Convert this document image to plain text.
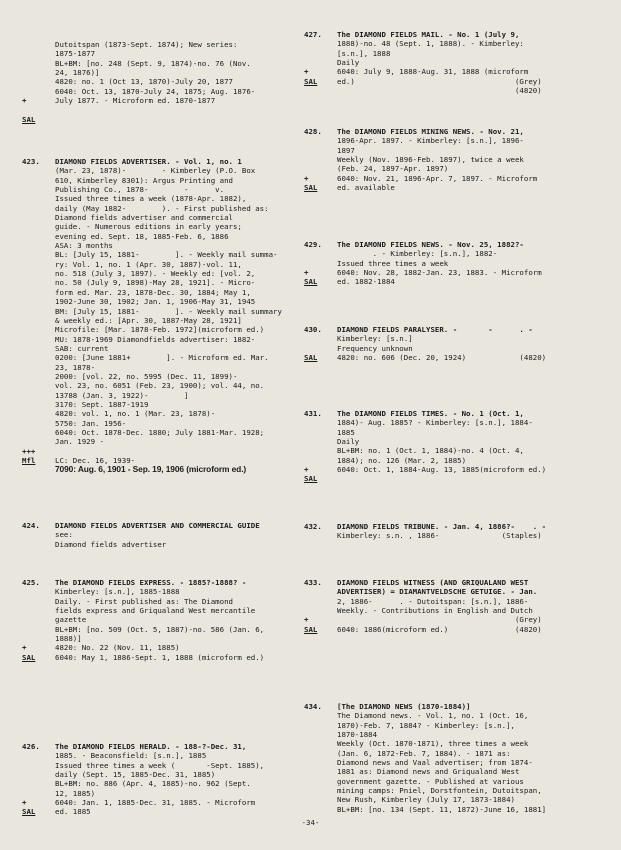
Dutoitspan (1873-Sept. 1874); New series:
1875-1877
BL+BM: [no. 248 (Sept. 9, 1874)-no. 76 (Nov.
24, 1876)]
4820: no. 1 (Oct 13, 1870)-July 20, 1877
6040: Oct. 13, 1870-July 24, 1875; Aug. 1876-
July 1877. - Microform ed. 1870-1877
+
SAL
423. DIAMOND FIELDS ADVERTISER. - Vol. 1, no. 1
(Mar. 23, 1878)-        - Kimberley (P.O. Box
610, Kimberley 8301): Argus Printing and
Publishing Co., 1878-        -      v.
Issued three times a week (1878-Apr. 1882),
daily (May 1882-        ). - First published as:
Diamond fields advertiser and commercial
guide. - Numerous editions in early years;
evening ed. Sept. 18, 1885-Feb. 6, 1886
ASA: 3 months
BL: [July 15, 1881-        ]. - Weekly mail summa-
ry: Vol. 1, no. 1 (Apr. 30, 1887)-vol. 11,
no. 518 (July 3, 1897). - Weekly ed: [vol. 2,
no. 50 (July 9, 1898)-May 28, 1921]. - Micro-
form ed. Mar. 23, 1878-Dec. 30, 1884; May 1,
1902-June 30, 1902; Jan. 1, 1906-May 31, 1945
BM: [July 15, 1881-        ]. - Weekly mail summary
& weekly ed.: [Apr. 30, 1887-May 28, 1921]
Microfile: [Mar. 1878-Feb. 1972](microform ed.)
MU: 1878-1969 Diamondfields advertiser: 1882-
SAB: current
0200: [June 1881+        ]. - Microform ed. Mar.
23, 1878-
2000: [vol. 22, no. 5995 (Dec. 11, 1899)-
vol. 23, no. 6051 (Feb. 23, 1900); vol. 44, no.
13788 (Jan. 3, 1922)-        ]
3170: Sept. 1887-1919
4820: vol. 1, no. 1 (Mar. 23, 1878)-
5750: Jan. 1956-
6040: Oct. 1878-Dec. 1880; July 1881-Mar. 1928;
Jan. 1929 -
LC: Dec. 16, 1939-
7090: Aug. 6, 1901 - Sep. 19, 1906 (microform ed.)
+++
Mfl
424. DIAMOND FIELDS ADVERTISER AND COMMERCIAL GUIDE
see:
Diamond fields advertiser
425. The DIAMOND FIELDS EXPRESS. - 1885?-1888? -
Kimberley: [s.n.], 1885-1888
Daily. - First published as: The Diamond
fields express and Griqualand West mercantile
gazette
BL+BM: [no. 509 (Oct. 5, 1887)-no. 586 (Jan. 6,
1888)]
4820: No. 22 (Nov. 11, 1885)
6040: May 1, 1886-Sept. 1, 1888 (microform ed.)
+
SAL
426. The DIAMOND FIELDS HERALD. - 188-?-Dec. 31,
1885. - Beaconsfield: [s.n.], 1885
Issued three times a week (       -Sept. 1885),
daily (Sept. 15, 1885-Dec. 31, 1885)
BL+BM: no. 886 (Apr. 4, 1885)-no. 962 (Sept.
12, 1885)
6040: Jan. 1, 1885-Dec. 31, 1885. - Microform
ed. 1885
+
SAL
427. The DIAMOND FIELDS MAIL. - No. 1 (July 9,
1888)-no. 48 (Sept. 1, 1888). - Kimberley:
[s.n.], 1888
Daily
6040: July 9, 1888-Aug. 31, 1888 (microform
ed.)                                    (Grey)
(4820)
+
SAL
428. The DIAMOND FIELDS MINING NEWS. - Nov. 21,
1896-Apr. 1897. - Kimberley: [s.n.], 1896-
1897
Weekly (Nov. 1896-Feb. 1897), twice a week
(Feb. 24, 1897-Apr. 1897)
6040: Nov. 21, 1896-Apr. 7, 1897. - Microform
ed. available
+
SAL
429. The DIAMOND FIELDS NEWS. - Nov. 25, 1882?-
. - Kimberley: [s.n.], 1882-
Issued three times a week
6040: Nov. 28, 1882-Jan. 23, 1883. - Microform
ed. 1882-1884
+
SAL
430. DIAMOND FIELDS PARALYSER. -       -      . -
Kimberley: [s.n.]
Frequency unknown
4820: no. 606 (Dec. 20, 1924)            (4820)
SAL
431. The DIAMOND FIELDS TIMES. - No. 1 (Oct. 1,
1884)- Aug. 1885? - Kimberley: [s.n.], 1884-
1885
Daily
BL+BM: no. 1 (Oct. 1, 1884)-no. 4 (Oct. 4,
1884); no. 126 (Mar. 2, 1885)
6040: Oct. 1, 1884-Aug. 13, 1885(microform ed.)
+
SAL
432. DIAMOND FIELDS TRIBUNE. - Jan. 4, 1886?-    . -
Kimberley: s.n. , 1886-              (Staples)
433. DIAMOND FIELDS WITNESS (AND GRIQUALAND WEST
ADVERTISER) = DIAMANTVELDSCHE GETUIGE. - Jan.
2, 1886-      . - Dutoitspan: [s.n.], 1886-
Weekly. - Contributions in English and Dutch
(Grey)
6040: 1886(microform ed.)               (4820)
+
SAL
434. [The DIAMOND NEWS (1870-1884)]
The Diamond news. - Vol. 1, no. 1 (Oct. 16,
1870)-Feb. 7, 1884? - Kimberley: [s.n.],
1870-1884
Weekly (Oct. 1870-1871), three times a week
(Jan. 6, 1872-Feb. 7, 1884). - 1871 as:
Diamond news and Vaal advertiser; from 1874-
1881 as: Diamond news and Griqualand West
government gazette. - Published at various
mining camps: Pniel, Dorstfontein, Dutoitspan,
New Rush, Kimberley (July 17, 1873-1884)
BL+BM: [no. 134 (Sept. 11, 1872)-June 16, 1881]
-34-
